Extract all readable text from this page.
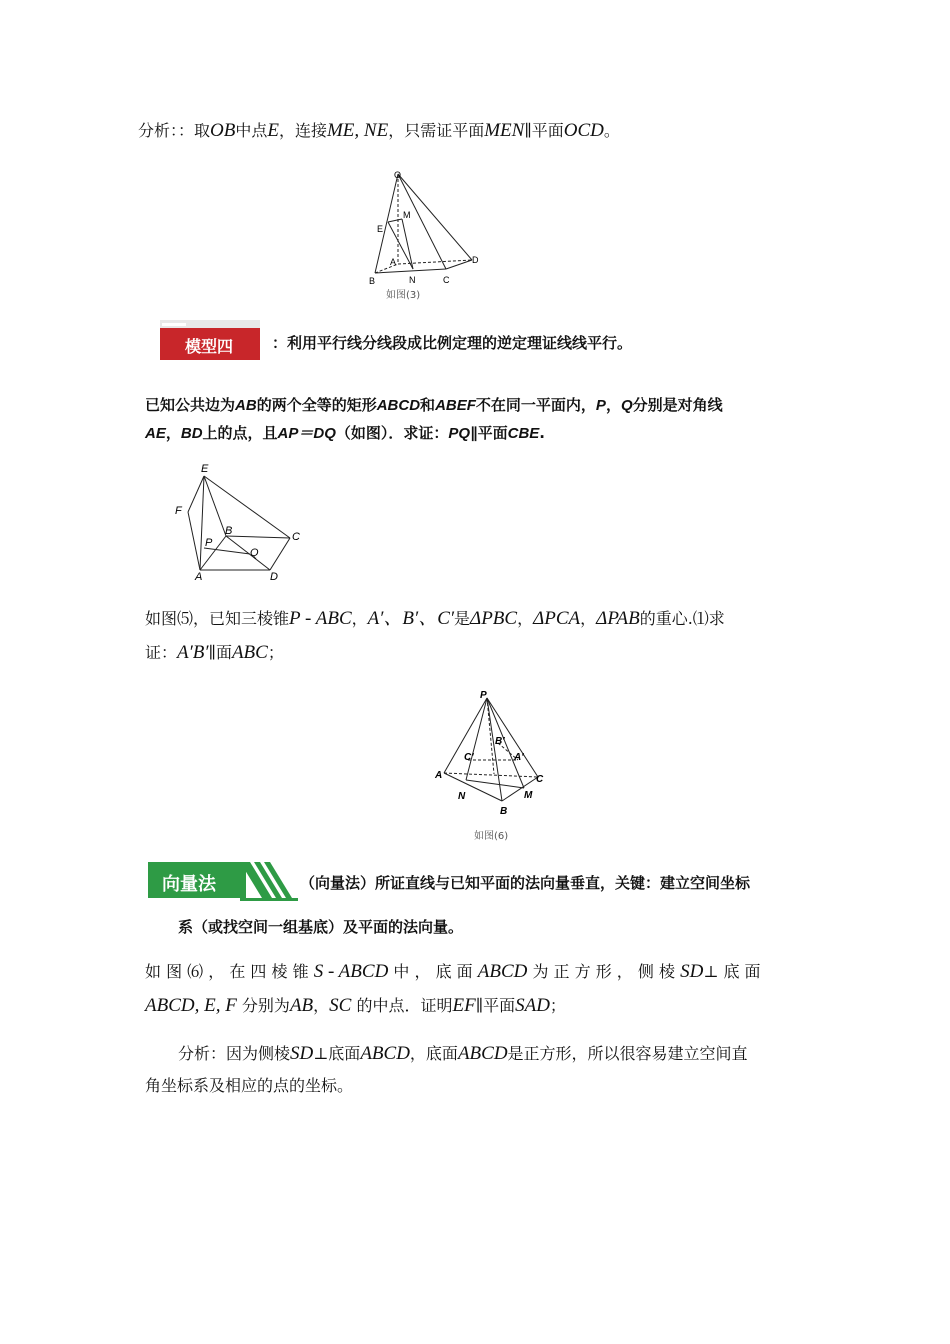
分析：：取OB中点E，连接ME, NE，只需证平面MEN∥平面OCD。
O
M
E
A	D
B	N	C
如图(3)
模型四	：利用平行线分线段成比例定理的逆定理证线线平行。
已知公共边为AB的两个全等的矩形ABCD和ABEF不在同一平面内，P，Q分别是对角线
AE，BD上的点，且AP＝DQ（如图）．求证：PQ∥平面CBE.
E
F
B	C
P
Q
A	D
如图⑸，已知三棱锥P - ABC，A′、B′、C′是ΔPBC，ΔPCA，ΔPAB的重心.⑴求
证：A′B′∥面ABC；
P
B′
C′	A′
A	C
N	M
B
如图(6)
向量法	（向量法）所证直线与已知平面的法向量垂直，关键：建立空间坐标
系（或找空间一组基底）及平面的法向量。
如 图 ⑹ ， 在 四 棱 锥 S - ABCD 中 ， 底 面 ABCD 为 正 方 形 ， 侧 棱 SD⊥ 底 面
ABCD, E, F 分别为AB，SC 的中点．证明EF∥平面SAD；
分析：因为侧棱SD⊥底面ABCD，底面ABCD是正方形，所以很容易建立空间直
角坐标系及相应的点的坐标。
